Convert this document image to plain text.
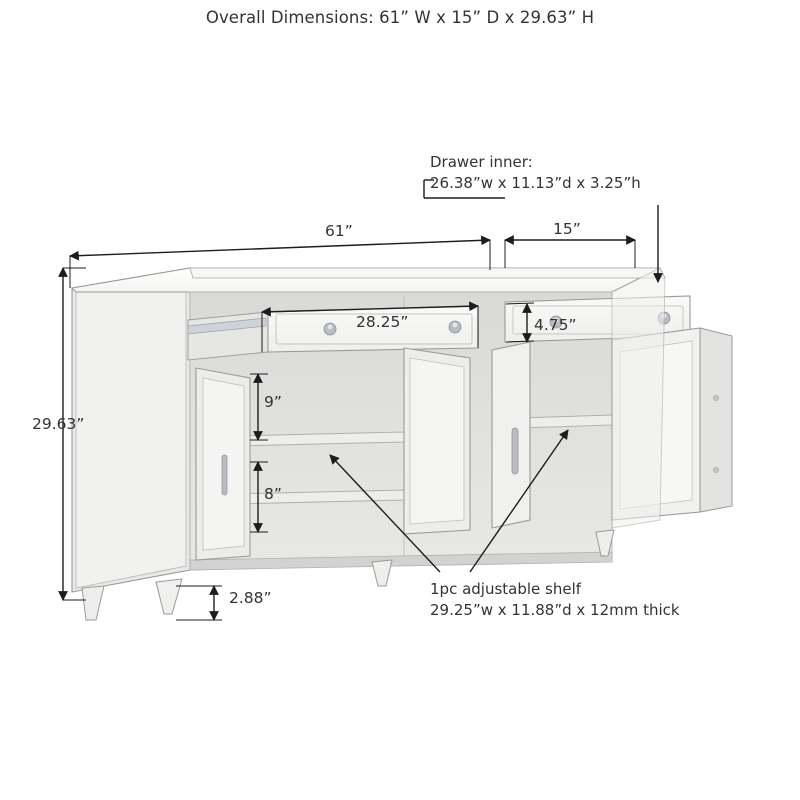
Overall Dimensions: 61” W x 15” D x 29.63” H
Drawer inner:
26.38”w x 11.13”d x 3.25”h
61”	15”
28.25”	4.75”
9”
8”
29.63”
2.88”	1pc adjustable shelf
29.25”w x 11.88”d x 12mm thick
